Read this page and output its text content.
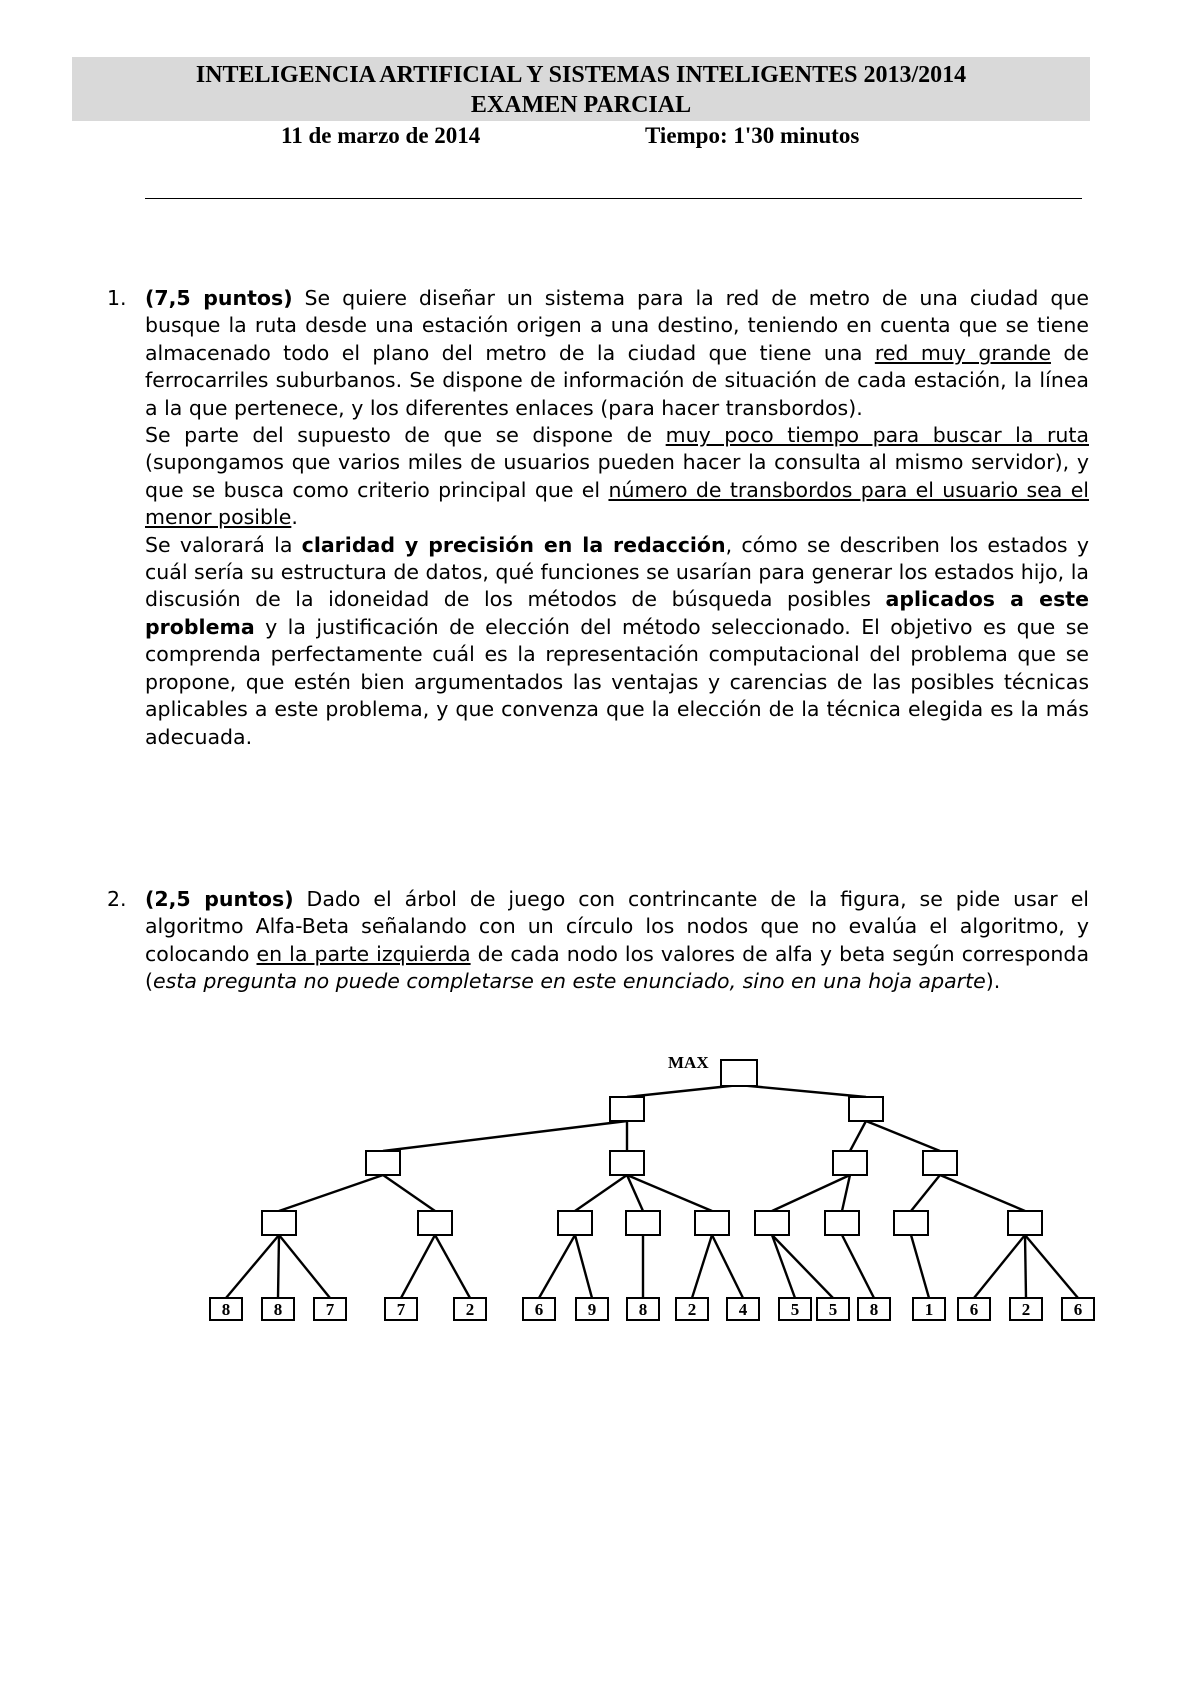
INTELIGENCIA ARTIFICIAL Y SISTEMAS INTELIGENTES 2013/2014
EXAMEN PARCIAL
11 de marzo de 2014	Tiempo: 1'30 minutos
1. (7,5 puntos) Se quiere diseñar un sistema para la red de metro de una ciudad que busque la ruta desde una estación origen a una destino, teniendo en cuenta que se tiene almacenado todo el plano del metro de la ciudad que tiene una red muy grande de ferrocarriles suburbanos. Se dispone de información de situación de cada estación, la línea a la que pertenece, y los diferentes enlaces (para hacer transbordos).

Se parte del supuesto de que se dispone de muy poco tiempo para buscar la ruta (supongamos que varios miles de usuarios pueden hacer la consulta al mismo servidor), y que se busca como criterio principal que el número de transbordos para el usuario sea el menor posible.

Se valorará la claridad y precisión en la redacción, cómo se describen los estados y cuál sería su estructura de datos, qué funciones se usarían para generar los estados hijo, la discusión de la idoneidad de los métodos de búsqueda posibles aplicados a este problema y la justificación de elección del método seleccionado. El objetivo es que se comprenda perfectamente cuál es la representación computacional del problema que se propone, que estén bien argumentados las ventajas y carencias de las posibles técnicas aplicables a este problema, y que convenza que la elección de la técnica elegida es la más adecuada.

2. (2,5 puntos) Dado el árbol de juego con contrincante de la figura, se pide usar el algoritmo Alfa-Beta señalando con un círculo los nodos que no evalúa el algoritmo, y colocando en la parte izquierda de cada nodo los valores de alfa y beta según corresponda (esta pregunta no puede completarse en este enunciado, sino en una hoja aparte).

MAX
8	8	7	7	2	6	9	8 2	4	5 5 8	1 6	2	6
